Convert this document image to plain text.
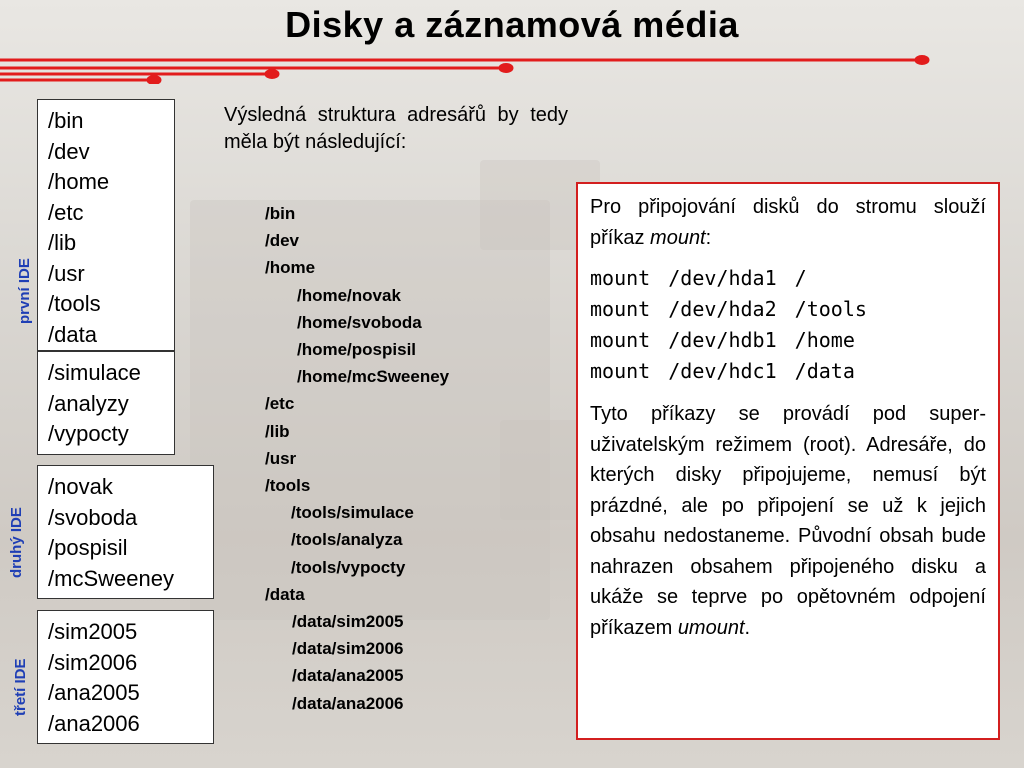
Disky a záznamová média
první IDE
/bin
/dev
/home
/etc
/lib
/usr
/tools
/data
/simulace
/analyzy
/vypocty
druhý IDE
/novak
/svoboda
/pospisil
/mcSweeney
třetí IDE
/sim2005
/sim2006
/ana2005
/ana2006
Výsledná struktura adresářů by tedy měla být následující:
/bin
/dev
/home
/home/novak
/home/svoboda
/home/pospisil
/home/mcSweeney
/etc
/lib
/usr
/tools
/tools/simulace
/tools/analyza
/tools/vypocty
/data
/data/sim2005
/data/sim2006
/data/ana2005
/data/ana2006

Pro připojování disků do stromu slouží příkaz mount:

mount /dev/hda1 /
mount /dev/hda2 /tools
mount /dev/hdb1 /home
mount /dev/hdc1 /data

Tyto příkazy se provádí pod super-uživatelským režimem (root). Adresáře, do kterých disky připojujeme, nemusí být prázdné, ale po připojení se už k jejich obsahu nedostaneme. Původní obsah bude nahrazen obsahem připojeného disku a ukáže se teprve po opětovném odpojení příkazem umount.
